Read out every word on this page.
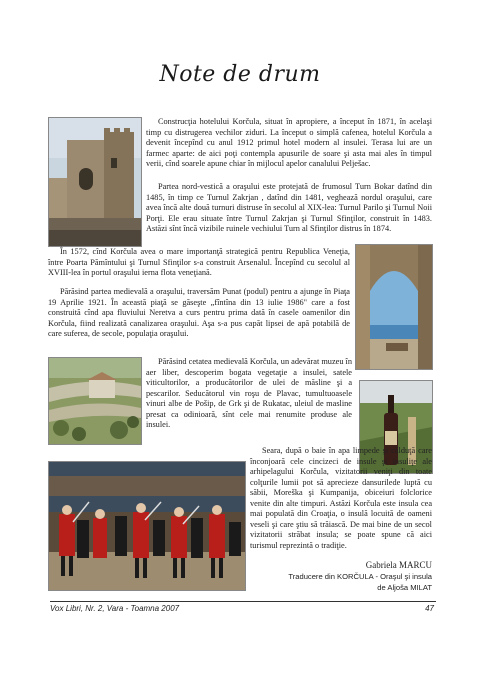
Note de drum

Construcţia hotelului Korčula, situat în apropiere, a început în 1871, în acelaşi timp cu distrugerea vechilor ziduri. La început o simplă cafenea, hotelul Korčula a devenit începînd cu anul 1912 primul hotel modern al insulei. Terasa lui are un farmec aparte: de aici poţi contempla apusurile de soare şi asta mai ales în timpul verii, cînd soarele apune chiar în mijlocul apelor canalului Pelješac.

Partea nord-vestică a oraşului este protejată de frumosul Turn Bokar datînd din 1485, în timp ce Turnul Zakrjan , datînd din 1481, veghează nordul oraşului, care avea încă alte două turnuri distruse în secolul al XIX-lea: Turnul Parilo şi Turnul Noii Porţi. Ele erau situate între Turnul Zakrjan şi Turnul Sfinţilor, construit în 1483. Astăzi sînt încă vizibile ruinele vechiului Turn al Sfinţilor distrus în 1874.

În 1572, cînd Korčula avea o mare importanţă strategică pentru Republica Veneţia, între Poarta Pămîntului şi Turnul Sfinţilor s-a construit Arsenalul. Începînd cu secolul al XVIII-lea în portul oraşului ierna flota veneţiană.

Părăsind partea medievală a oraşului, traversăm Punat (podul) pentru a ajunge în Piaţa 19 Aprilie 1921. În această piaţă se găseşte „fîntîna din 13 iulie 1986" care a fost construită cînd apa fluviului Neretva a curs pentru prima dată în casele oamenilor din Korčula, fiind realizată canalizarea oraşului. Aşa s-a pus capăt lipsei de apă potabilă de care suferea, de secole, populaţia oraşului.

Părăsind cetatea medievală Korčula, un adevărat muzeu în aer liber, descoperim bogata vegetaţie a insulei, satele viticultorilor, a producătorilor de ulei de măsline şi a pescarilor. Seducătorul vin roşu de Plavac, tumultuoasele vinuri albe de Pošip, de Grk şi de Rukatac, uleiul de masline presat ca odinioară, sînt cele mai renumite produse ale insulei.

Seara, după o baie în apa limpede şi călduţă care înconjoară cele cincizeci de insule şi insuliţe ale arhipelagului Korčula, vizitatorii veniţi din toate colţurile lumii pot să aprecieze dansurilede luptă cu săbii, Moreška şi Kumpanija, obiceiuri folclorice venite din alte timpuri. Astăzi Korčula este insula cea mai populată din Croaţia, o insulă locuită de oameni veseli şi care ştiu să trăiască. De mai bine de un secol vizitatorii străbat insula; se poate spune că aici turismul reprezintă o tradiţie.

Gabriela MARCU
Traducere din KORČULA - Oraşul şi insula
de Aljoša MILAT
Vox Libri, Nr. 2, Vara - Toamna 2007	47
